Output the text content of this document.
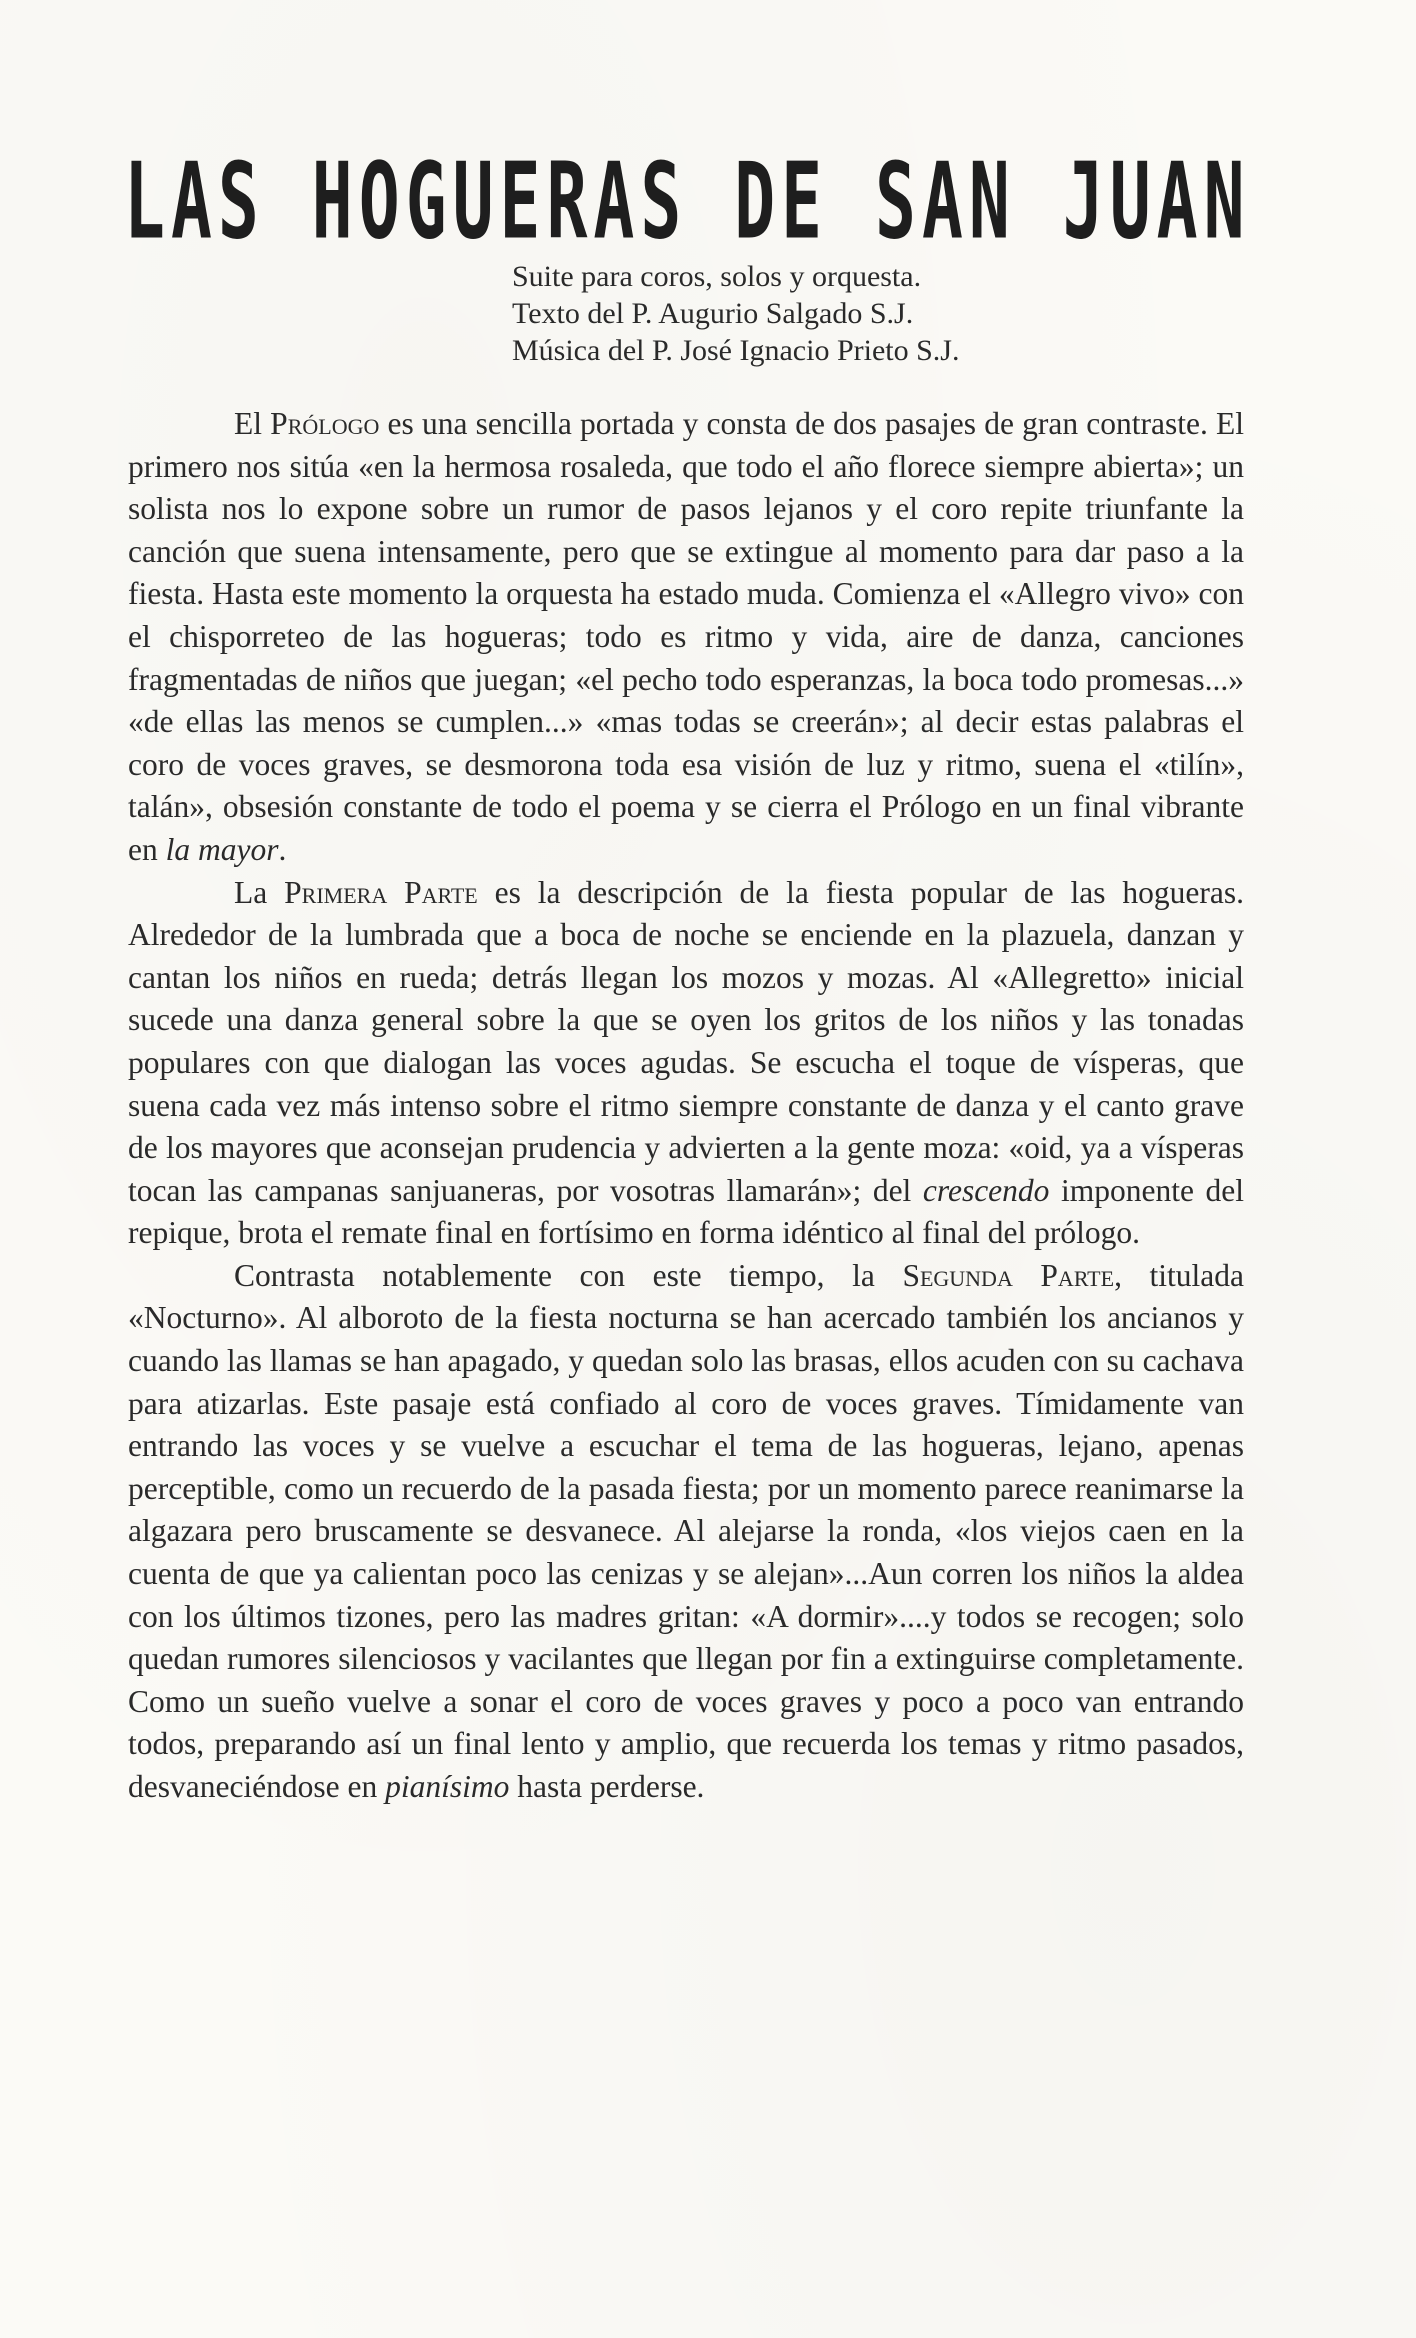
LAS HOGUERAS DE SAN JUAN
Suite para coros, solos y orquesta.
Texto del P. Augurio Salgado S.J.
Música del P. José Ignacio Prieto S.J.

El Prólogo es una sencilla portada y consta de dos pasajes de gran contraste. El primero nos sitúa «en la hermosa rosaleda, que todo el año florece siempre abierta»; un solista nos lo expone sobre un rumor de pasos lejanos y el coro repite triunfante la canción que suena intensamente, pero que se extingue al momento para dar paso a la fiesta. Hasta este momento la orquesta ha estado muda. Comienza el «Allegro vivo» con el chisporreteo de las hogueras; todo es ritmo y vida, aire de danza, canciones fragmentadas de niños que juegan; «el pecho todo esperanzas, la boca todo promesas...» «de ellas las menos se cumplen...» «mas todas se creerán»; al decir estas palabras el coro de voces graves, se desmorona toda esa visión de luz y ritmo, suena el «tilín», talán», obsesión constante de todo el poema y se cierra el Prólogo en un final vibrante en la mayor.

La Primera Parte es la descripción de la fiesta popular de las hogueras. Alrededor de la lumbrada que a boca de noche se enciende en la plazuela, danzan y cantan los niños en rueda; detrás llegan los mozos y mozas. Al «Allegretto» inicial sucede una danza general sobre la que se oyen los gritos de los niños y las tonadas populares con que dialogan las voces agudas. Se escucha el toque de vísperas, que suena cada vez más intenso sobre el ritmo siempre constante de danza y el canto grave de los mayores que aconsejan prudencia y advierten a la gente moza: «oid, ya a vísperas tocan las campanas sanjuaneras, por vosotras llamarán»; del crescendo imponente del repique, brota el remate final en fortísimo en forma idéntico al final del prólogo.

Contrasta notablemente con este tiempo, la Segunda Parte, titulada «Nocturno». Al alboroto de la fiesta nocturna se han acercado también los ancianos y cuando las llamas se han apagado, y quedan solo las brasas, ellos acuden con su cachava para atizarlas. Este pasaje está confiado al coro de voces graves. Tímidamente van entrando las voces y se vuelve a escuchar el tema de las hogueras, lejano, apenas perceptible, como un recuerdo de la pasada fiesta; por un momento parece reanimarse la algazara pero bruscamente se desvanece. Al alejarse la ronda, «los viejos caen en la cuenta de que ya calientan poco las cenizas y se alejan»...Aun corren los niños la aldea con los últimos tizones, pero las madres gritan: «A dormir»....y todos se recogen; solo quedan rumores silenciosos y vacilantes que llegan por fin a extinguirse completamente. Como un sueño vuelve a sonar el coro de voces graves y poco a poco van entrando todos, preparando así un final lento y amplio, que recuerda los temas y ritmo pasados, desvaneciéndose en pianísimo hasta perderse.
